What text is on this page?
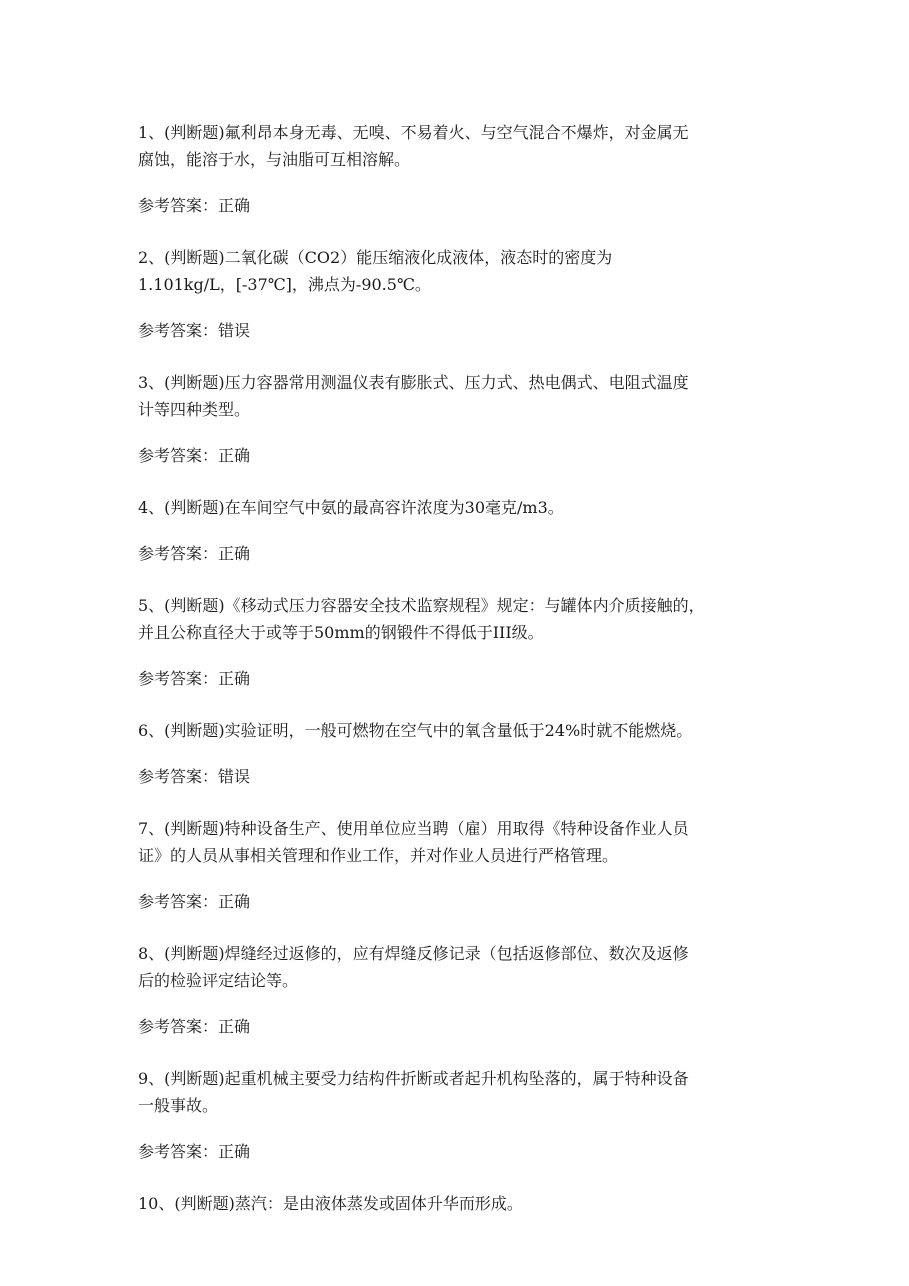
1、(判断题)氟利昂本身无毒、无嗅、不易着火、与空气混合不爆炸，对金属无
腐蚀，能溶于水，与油脂可互相溶解。

参考答案：正确

2、(判断题)二氧化碳（CO2）能压缩液化成液体，液态时的密度为
1.101kg/L，[-37℃]，沸点为-90.5℃。

参考答案：错误

3、(判断题)压力容器常用测温仪表有膨胀式、压力式、热电偶式、电阻式温度
计等四种类型。

参考答案：正确

4、(判断题)在车间空气中氨的最高容许浓度为30毫克/m3。

参考答案：正确

5、(判断题)《移动式压力容器安全技术监察规程》规定：与罐体内介质接触的，
并且公称直径大于或等于50mm的钢锻件不得低于III级。

参考答案：正确

6、(判断题)实验证明，一般可燃物在空气中的氧含量低于24%时就不能燃烧。

参考答案：错误

7、(判断题)特种设备生产、使用单位应当聘（雇）用取得《特种设备作业人员
证》的人员从事相关管理和作业工作，并对作业人员进行严格管理。

参考答案：正确

8、(判断题)焊缝经过返修的，应有焊缝反修记录（包括返修部位、数次及返修
后的检验评定结论等。

参考答案：正确

9、(判断题)起重机械主要受力结构件折断或者起升机构坠落的，属于特种设备
一般事故。

参考答案：正确

10、(判断题)蒸汽：是由液体蒸发或固体升华而形成。
